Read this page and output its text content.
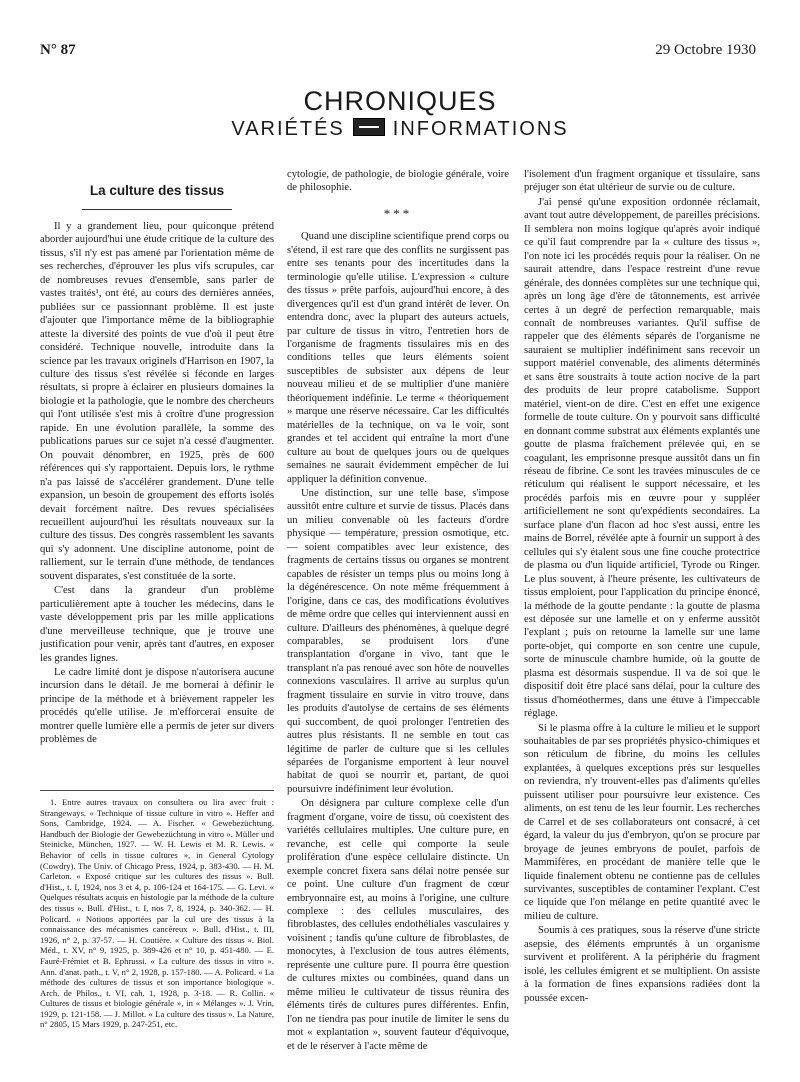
N° 87	29 Octobre 1930
CHRONIQUES
VARIÉTÉS INFORMATIONS
La culture des tissus

Il y a grandement lieu, pour quiconque prétend aborder aujourd'hui une étude critique de la culture des tissus, s'il n'y est pas amené par l'orientation même de ses recherches, d'éprouver les plus vifs scrupules, car de nombreuses revues d'ensemble, sans parler de vastes traités¹, ont été, au cours des dernières années, publiées sur ce passionnant problème. Il est juste d'ajouter que l'importance même de la bibliographie atteste la diversité des points de vue d'où il peut être considéré. Technique nouvelle, introduite dans la science par les travaux originels d'Harrison en 1907, la culture des tissus s'est révélée si féconde en larges résultats, si propre à éclairer en plusieurs domaines la biologie et la pathologie, que le nombre des chercheurs qui l'ont utilisée s'est mis à croître d'une progression rapide. En une évolution parallèle, la somme des publications parues sur ce sujet n'a cessé d'augmenter. On pouvait dénombrer, en 1925, près de 600 références qui s'y rapportaient. Depuis lors, le rythme n'a pas laissé de s'accélérer grandement. D'une telle expansion, un besoin de groupement des efforts isolés devait forcément naître. Des revues spécialisées recueillent aujourd'hui les résultats nouveaux sur la culture des tissus. Des congrès rassemblent les savants qui s'y adonnent. Une discipline autonome, point de ralliement, sur le terrain d'une méthode, de tendances souvent disparates, s'est constituée de la sorte.

C'est dans la grandeur d'un problème particulièrement apte à toucher les médecins, dans le vaste développement pris par les mille applications d'une merveilleuse technique, que je trouve une justification pour venir, après tant d'autres, en exposer les grandes lignes.

Le cadre limité dont je dispose n'autorisera aucune incursion dans le détail. Je me bornerai à définir le principe de la méthode et à brièvement rappeler les procédés qu'elle utilise. Je m'efforcerai ensuite de montrer quelle lumière elle a permis de jeter sur divers problèmes de

1. Entre autres travaux on consultera ou lira avec fruit : Strangeways. « Technique of tissue culture in vitro ». Heffer and Sons, Cambridge, 1924. — A. Fischer. « Gewebezüchtung. Handbuch der Biologie der Gewebezüchtung in vitro ». Müller und Steinicke, München, 1927. — W. H. Lewis et M. R. Lewis. « Behavior of cells in tissue cultures », in General Cytology (Cowdry). The Univ. of Chicago Press, 1924, p. 383-430. — H. M. Carleton. « Exposé critique sur les cultures des tissus ». Bull. d'Hist., t. I, 1924, nos 3 et 4, p. 106-124 et 164-175. — G. Levi. « Quelques résultats acquis en histologie par la méthode de la culture des tissus ». Bull. d'Hist., t. I, nos 7, 8, 1924, p. 340-362. — H. Policard. « Notions apportées par la cul ure des tissus à la connaissance des mécanismes cancéreux ». Bull. d'Hist., t. III, 1926, n° 2, p. 37-57. — H. Coutière. « Culture des tissus ». Biol. Méd., t. XV, n° 9, 1925, p. 389-426 et n° 10, p. 451-480. — E. Fauré-Frémiet et B. Ephrussi. « La culture des tissus in vitro ». Ann. d'anat. path., t. V, n° 2, 1928, p. 157-180. — A. Policard. « La méthode des cultures de tissus et son importance biologique ». Arch. de Philos., t. VI, cah. 1, 1928, p. 3-18. — R. Collin. « Cultures de tissus et biologie générale », in « Mélanges ». J. Vrin, 1929, p. 121-158. — J. Millot. « La culture des tissus ». La Nature, n° 2805, 15 Mars 1929, p. 247-251, etc.

cytologie, de pathologie, de biologie générale, voire de philosophie.

***

Quand une discipline scientifique prend corps ou s'étend, il est rare que des conflits ne surgissent pas entre ses tenants pour des incertitudes dans la terminologie qu'elle utilise. L'expression « culture des tissus » prête parfois, aujourd'hui encore, à des divergences qu'il est d'un grand intérêt de lever. On entendra donc, avec la plupart des auteurs actuels, par culture de tissus in vitro, l'entretien hors de l'organisme de fragments tissulaires mis en des conditions telles que leurs éléments soient susceptibles de subsister aux dépens de leur nouveau milieu et de se multiplier d'une manière théoriquement indéfinie. Le terme « théoriquement » marque une réserve nécessaire. Car les difficultés matérielles de la technique, on va le voir, sont grandes et tel accident qui entraîne la mort d'une culture au bout de quelques jours ou de quelques semaines ne saurait évidemment empêcher de lui appliquer la définition convenue.

Une distinction, sur une telle base, s'impose aussitôt entre culture et survie de tissus. Placés dans un milieu convenable où les facteurs d'ordre physique — température, pression osmotique, etc. — soient compatibles avec leur existence, des fragments de certains tissus ou organes se montrent capables de résister un temps plus ou moins long à la dégénérescence. On note même fréquemment à l'origine, dans ce cas, des modifications évolutives de même ordre que celles qui interviennent aussi en culture. D'ailleurs des phénomènes, à quelque degré comparables, se produisent lors d'une transplantation d'organe in vivo, tant que le transplant n'a pas renoué avec son hôte de nouvelles connexions vasculaires. Il arrive au surplus qu'un fragment tissulaire en survie in vitro trouve, dans les produits d'autolyse de certains de ses éléments qui succombent, de quoi prolonger l'entretien des autres plus résistants. Il ne semble en tout cas légitime de parler de culture que si les cellules séparées de l'organisme emportent à leur nouvel habitat de quoi se nourrir et, partant, de quoi poursuivre indéfiniment leur évolution.

On désignera par culture complexe celle d'un fragment d'organe, voire de tissu, où coexistent des variétés cellulaires multiples. Une culture pure, en revanche, est celle qui comporte la seule prolifération d'une espèce cellulaire distincte. Un exemple concret fixera sans délai notre pensée sur ce point. Une culture d'un fragment de cœur embryonnaire est, au moins à l'origine, une culture complexe : des cellules musculaires, des fibroblastes, des cellules endothéliales vasculaires y voisinent ; tandis qu'une culture de fibroblastes, de monocytes, à l'exclusion de tous autres éléments, représente une culture pure. Il pourra être question de cultures mixtes ou combinées, quand dans un même milieu le cultivateur de tissus réunira des éléments tirés de cultures pures différentes. Enfin, l'on ne tiendra pas pour inutile de limiter le sens du mot « explantation », souvent fauteur d'équivoque, et de le réserver à l'acte même de

l'isolement d'un fragment organique et tissulaire, sans préjuger son état ultérieur de survie ou de culture.

J'ai pensé qu'une exposition ordonnée réclamait, avant tout autre développement, de pareilles précisions. Il semblera non moins logique qu'après avoir indiqué ce qu'il faut comprendre par la « culture des tissus », l'on note ici les procédés requis pour la réaliser. On ne saurait attendre, dans l'espace restreint d'une revue générale, des données complètes sur une technique qui, après un long âge d'ère de tâtonnements, est arrivée certes à un degré de perfection remarquable, mais connaît de nombreuses variantes. Qu'il suffise de rappeler que des éléments séparés de l'organisme ne sauraient se multiplier indéfiniment sans recevoir un support matériel convenable, des aliments déterminés et sans être soustraits à toute action nocive de la part des produits de leur propre catabolisme. Support matériel, vient-on de dire. C'est en effet une exigence formelle de toute culture. On y pourvoit sans difficulté en donnant comme substrat aux éléments explantés une goutte de plasma fraîchement prélevée qui, en se coagulant, les emprisonne presque aussitôt dans un fin réseau de fibrine. Ce sont les travées minuscules de ce réticulum qui réalisent le support nécessaire, et les procédés parfois mis en œuvre pour y suppléer artificiellement ne sont qu'expédients secondaires. La surface plane d'un flacon ad hoc s'est aussi, entre les mains de Borrel, révélée apte à fournir un support à des cellules qui s'y étalent sous une fine couche protectrice de plasma ou d'un liquide artificiel, Tyrode ou Ringer. Le plus souvent, à l'heure présente, les cultivateurs de tissus emploient, pour l'application du principe énoncé, la méthode de la goutte pendante : la goutte de plasma est déposée sur une lamelle et on y enferme aussitôt l'explant ; puis on retourne la lamelle sur une lame porte-objet, qui comporte en son centre une cupule, sorte de minuscule chambre humide, où la goutte de plasma est désormais suspendue. Il va de soi que le dispositif doit être placé sans délai, pour la culture des tissus d'homéothermes, dans une étuve à l'impeccable réglage.

Si le plasma offre à la culture le milieu et le support souhaitables de par ses propriétés physico-chimiques et son réticulum de fibrine, du moins les cellules explantées, à quelques exceptions près sur lesquelles on reviendra, n'y trouvent-elles pas d'aliments qu'elles puissent utiliser pour poursuivre leur existence. Ces aliments, on est tenu de les leur fournir. Les recherches de Carrel et de ses collaborateurs ont consacré, à cet égard, la valeur du jus d'embryon, qu'on se procure par broyage de jeunes embryons de poulet, parfois de Mammifères, en procédant de manière telle que le liquide finalement obtenu ne contienne pas de cellules survivantes, susceptibles de contaminer l'explant. C'est ce liquide que l'on mélange en petite quantité avec le milieu de culture.

Soumis à ces pratiques, sous la réserve d'une stricte asepsie, des éléments empruntés à un organisme survivent et prolifèrent. A la périphérie du fragment isolé, les cellules émigrent et se multiplient. On assiste à la formation de fines expansions radiées dont la poussée excen-
